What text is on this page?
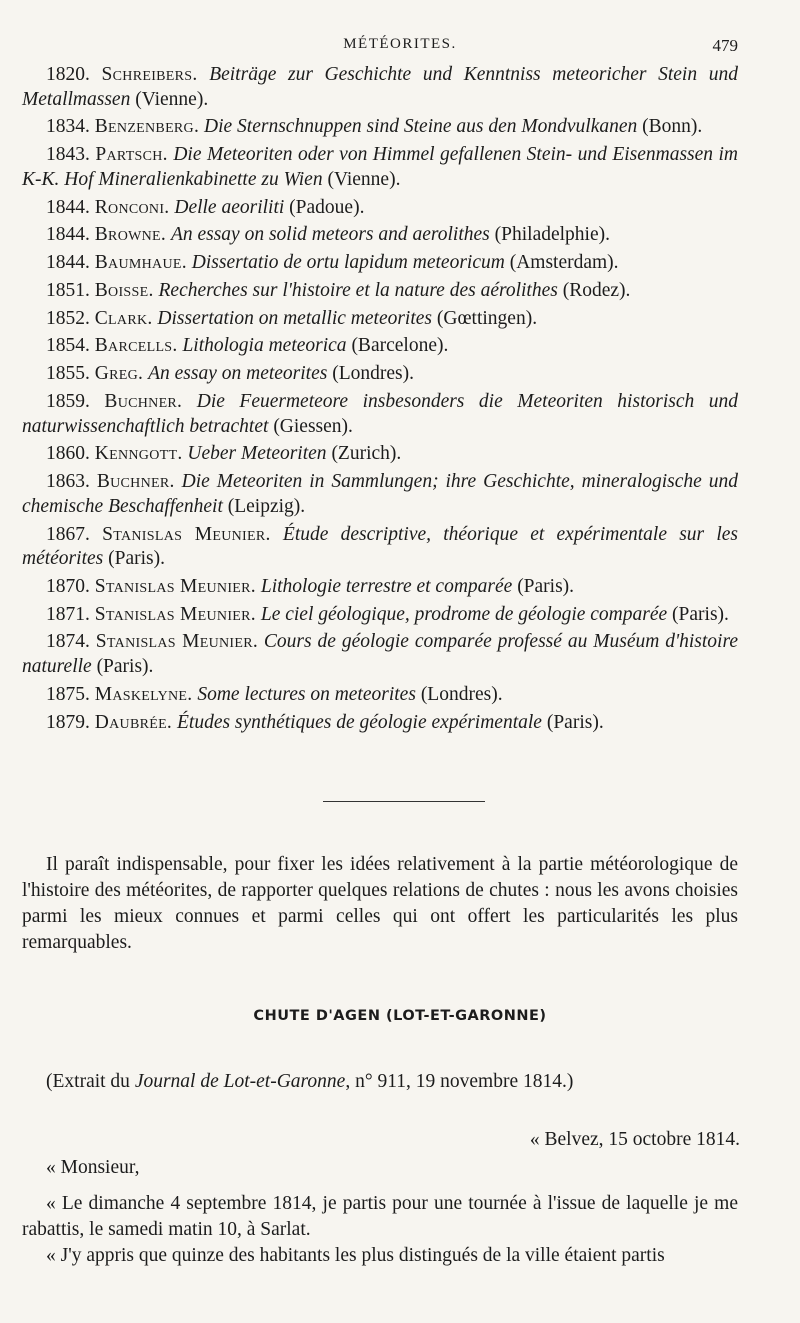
MÉTÉORITES.	479

1820. Schreibers. Beiträge zur Geschichte und Kenntniss meteoricher Stein und Metallmassen (Vienne).

1834. Benzenberg. Die Sternschnuppen sind Steine aus den Mondvulkanen (Bonn).

1843. Partsch. Die Meteoriten oder von Himmel gefallenen Stein- und Eisenmassen im K-K. Hof Mineralienkabinette zu Wien (Vienne).

1844. Ronconi. Delle aeoriliti (Padoue).

1844. Browne. An essay on solid meteors and aerolithes (Philadelphie).

1844. Baumhaue. Dissertatio de ortu lapidum meteoricum (Amsterdam).

1851. Boisse. Recherches sur l'histoire et la nature des aérolithes (Rodez).

1852. Clark. Dissertation on metallic meteorites (Gœttingen).

1854. Barcells. Lithologia meteorica (Barcelone).

1855. Greg. An essay on meteorites (Londres).

1859. Buchner. Die Feuermeteore insbesonders die Meteoriten historisch und naturwissenchaftlich betrachtet (Giessen).

1860. Kenngott. Ueber Meteoriten (Zurich).

1863. Buchner. Die Meteoriten in Sammlungen; ihre Geschichte, mineralogische und chemische Beschaffenheit (Leipzig).

1867. Stanislas Meunier. Étude descriptive, théorique et expérimentale sur les météorites (Paris).

1870. Stanislas Meunier. Lithologie terrestre et comparée (Paris).

1871. Stanislas Meunier. Le ciel géologique, prodrome de géologie comparée (Paris).

1874. Stanislas Meunier. Cours de géologie comparée professé au Muséum d'histoire naturelle (Paris).

1875. Maskelyne. Some lectures on meteorites (Londres).

1879. Daubrée. Études synthétiques de géologie expérimentale (Paris).

Il paraît indispensable, pour fixer les idées relativement à la partie météorologique de l'histoire des météorites, de rapporter quelques relations de chutes : nous les avons choisies parmi les mieux connues et parmi celles qui ont offert les particularités les plus remarquables.

CHUTE D'AGEN (LOT-ET-GARONNE)

(Extrait du Journal de Lot-et-Garonne, n° 911, 19 novembre 1814.)

« Belvez, 15 octobre 1814.

« Monsieur,

« Le dimanche 4 septembre 1814, je partis pour une tournée à l'issue de laquelle je me rabattis, le samedi matin 10, à Sarlat.

« J'y appris que quinze des habitants les plus distingués de la ville étaient partis
